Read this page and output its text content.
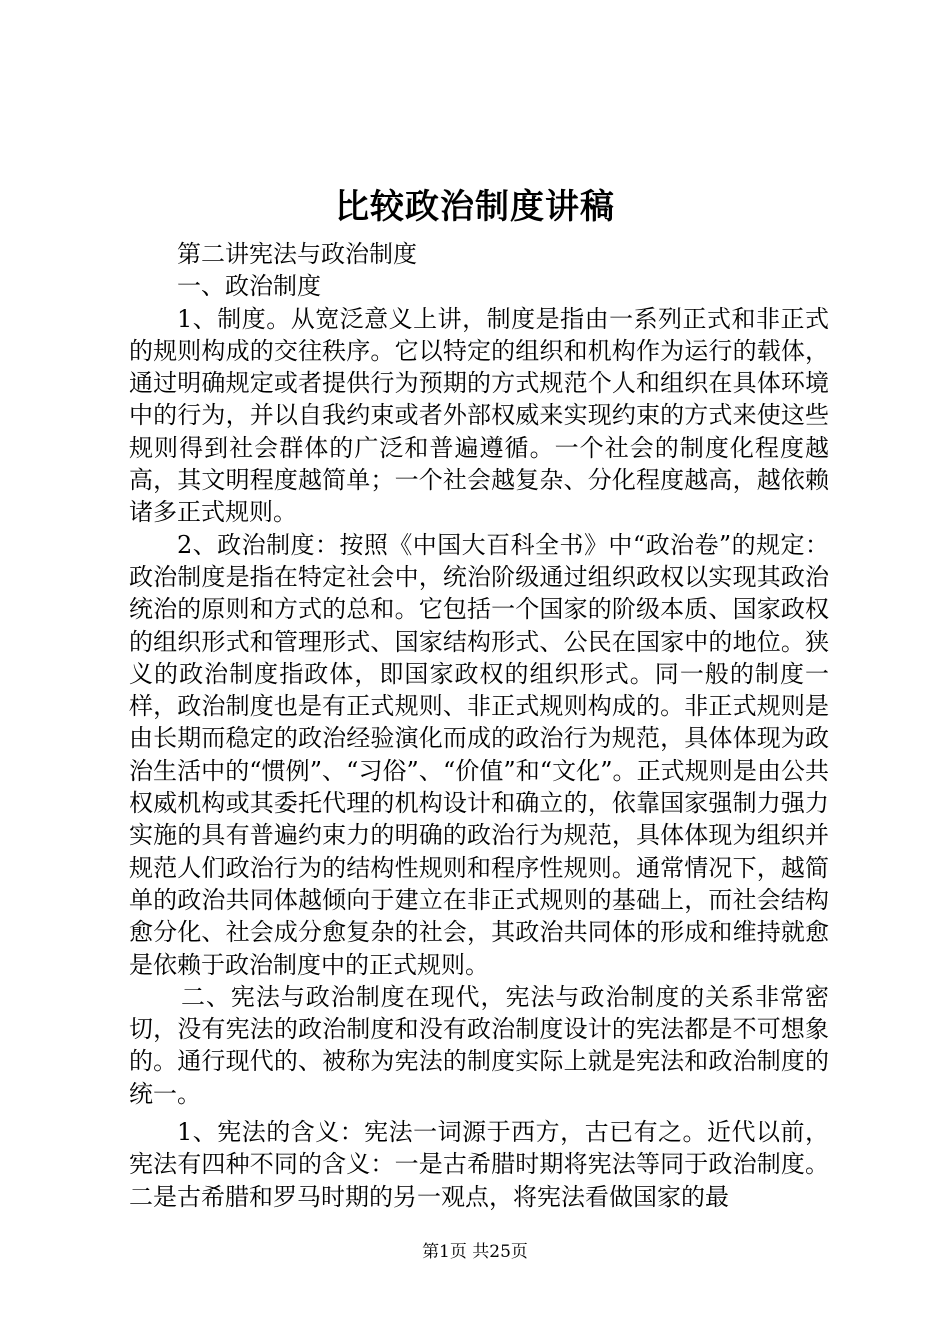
比较政治制度讲稿

第二讲宪法与政治制度

一、政治制度

1、制度。从宽泛意义上讲，制度是指由一系列正式和非正式的规则构成的交往秩序。它以特定的组织和机构作为运行的载体，通过明确规定或者提供行为预期的方式规范个人和组织在具体环境中的行为，并以自我约束或者外部权威来实现约束的方式来使这些规则得到社会群体的广泛和普遍遵循。一个社会的制度化程度越高，其文明程度越简单；一个社会越复杂、分化程度越高，越依赖诸多正式规则。

2、政治制度：按照《中国大百科全书》中“政治卷”的规定：政治制度是指在特定社会中，统治阶级通过组织政权以实现其政治统治的原则和方式的总和。它包括一个国家的阶级本质、国家政权的组织形式和管理形式、国家结构形式、公民在国家中的地位。狭义的政治制度指政体，即国家政权的组织形式。同一般的制度一样，政治制度也是有正式规则、非正式规则构成的。非正式规则是由长期而稳定的政治经验演化而成的政治行为规范，具体体现为政治生活中的“惯例”、“习俗”、“价值”和“文化”。正式规则是由公共权威机构或其委托代理的机构设计和确立的，依靠国家强制力强力实施的具有普遍约束力的明确的政治行为规范，具体体现为组织并规范人们政治行为的结构性规则和程序性规则。通常情况下，越简单的政治共同体越倾向于建立在非正式规则的基础上，而社会结构愈分化、社会成分愈复杂的社会，其政治共同体的形成和维持就愈是依赖于政治制度中的正式规则。

二、宪法与政治制度在现代，宪法与政治制度的关系非常密切，没有宪法的政治制度和没有政治制度设计的宪法都是不可想象的。通行现代的、被称为宪法的制度实际上就是宪法和政治制度的统一。

1、宪法的含义：宪法一词源于西方，古已有之。近代以前，宪法有四种不同的含义：一是古希腊时期将宪法等同于政治制度。二是古希腊和罗马时期的另一观点，将宪法看做国家的最

第1页 共25页
